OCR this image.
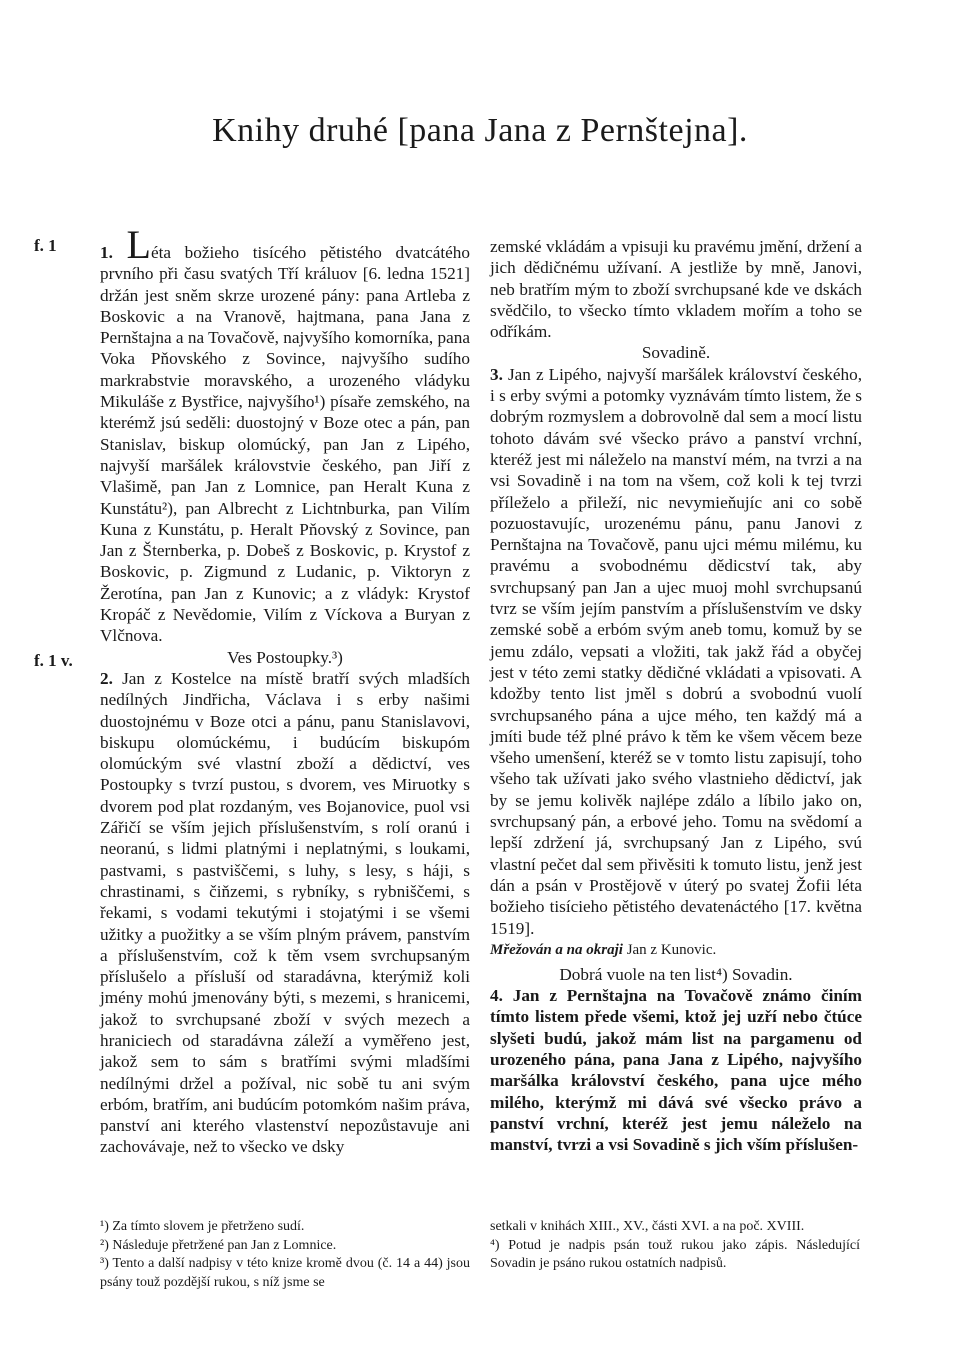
Knihy druhé [pana Jana z Pernštejna].
f. 1
f. 1 v.

1. Léta božieho tisícého pětistého dvatcátého prvního při času svatých Tří králuov [6. ledna 1521] držán jest sněm skrze urozené pány: pana Artleba z Boskovic a na Vranově, hajtmana, pana Jana z Pernštajna a na Tovačově, najvyšího komorníka, pana Voka Pňovského z Sovince, najvyšího sudího markrabstvie moravského, a urozeného vládyku Mikuláše z Bystřice, najvyšího¹) písaře zemského, na kterémž jsú seděli: duostojný v Boze otec a pán, pan Stanislav, biskup olomúcký, pan Jan z Lipého, najvyší maršálek královstvie českého, pan Jiří z Vlašimě, pan Jan z Lomnice, pan Heralt Kuna z Kunstátu²), pan Albrecht z Lichtnburka, pan Vilím Kuna z Kunstátu, p. Heralt Pňovský z Sovince, pan Jan z Šternberka, p. Dobeš z Boskovic, p. Krystof z Boskovic, p. Zigmund z Ludanic, p. Viktoryn z Žerotína, pan Jan z Kunovic; a z vládyk: Krystof Kropáč z Nevědomie, Vilím z Víckova a Buryan z Vlčnova.

Ves Postoupky.³)

2. Jan z Kostelce na místě bratří svých mladších nedílných Jindřicha, Václava i s erby našimi duostojnému v Boze otci a pánu, panu Stanislavovi, biskupu olomúckému, i budúcím biskupóm olomúckým své vlastní zboží a dědictví, ves Postoupky s tvrzí pustou, s dvorem, ves Miruotky s dvorem pod plat rozdaným, ves Bojanovice, puol vsi Zářičí se vším jejich příslušenstvím, s rolí oranú i neoranú, s lidmi platnými i neplatnými, s loukami, pastvami, s pastviščemi, s luhy, s lesy, s háji, s chrastinami, s čiňzemi, s rybníky, s rybniščemi, s řekami, s vodami tekutými i stojatými i se všemi užitky a puožitky a se vším plným právem, panstvím a příslušenstvím, což k těm vsem svrchupsaným příslušelo a přísluší od staradávna, kterýmiž koli jmény mohú jmenovány býti, s mezemi, s hranicemi, jakož to svrchupsané zboží v svých mezech a hraniciech od staradávna záleží a vyměřeno jest, jakož sem to sám s bratřími svými mladšími nedílnými držel a požíval, nic sobě tu ani svým erbóm, bratřím, ani budúcím potomkóm našim práva, panství ani kterého vlastenství nepozůstavuje ani zachovávaje, než to všecko ve dsky

zemské vkládám a vpisuji ku pravému jmění, držení a jich dědičnému užívaní. A jestliže by mně, Janovi, neb bratřím mým to zboží svrchupsané kde ve dskách svědčilo, to všecko tímto vkladem mořím a toho se odříkám.

Sovadině.

3. Jan z Lipého, najvyší maršálek království českého, i s erby svými a potomky vyznávám tímto listem, že s dobrým rozmyslem a dobrovolně dal sem a mocí listu tohoto dávám své všecko právo a panství vrchní, kteréž jest mi náleželo na manství mém, na tvrzi a na vsi Sovadině i na tom na všem, což koli k tej tvrzi příleželo a přileží, nic nevymieňujíc ani co sobě pozuostavujíc, urozenému pánu, panu Janovi z Pernštajna na Tovačově, panu ujci mému milému, ku pravému a svobodnému dědicství tak, aby svrchupsaný pan Jan a ujec muoj mohl svrchupsanú tvrz se vším jejím panstvím a příslušenstvím ve dsky zemské sobě a erbóm svým aneb tomu, komuž by se jemu zdálo, vepsati a vložiti, tak jakž řád a obyčej jest v této zemi statky dědičné vkládati a vpisovati. A kdožby tento list jměl s dobrú a svobodnú vuolí svrchupsaného pána a ujce mého, ten každý má a jmíti bude též plné právo k těm ke všem věcem beze všeho umenšení, kteréž se v tomto listu zapisují, toho všeho tak užívati jako svého vlastnieho dědictví, jak by se jemu kolivěk najlépe zdálo a líbilo jako on, svrchupsaný pán, a erbové jeho. Tomu na svědomí a lepší zdržení já, svrchupsaný Jan z Lipého, svú vlastní pečet dal sem přivěsiti k tomuto listu, jenž jest dán a psán v Prostějově v úterý po svatej Žofii léta božieho tisícieho pětistého devatenáctého [17. května 1519].

Mřežován a na okraji Jan z Kunovic.

Dobrá vuole na ten list⁴) Sovadin.

4. Jan z Pernštajna na Tovačově známo činím tímto listem přede všemi, ktož jej uzří nebo čtúce slyšeti budú, jakož mám list na pargamenu od urozeného pána, pana Jana z Lipého, najvyšího maršálka království českého, pana ujce mého milého, kterýmž mi dává své všecko právo a panství vrchní, kteréž jest jemu náleželo na manství, tvrzi a vsi Sovadině s jich vším příslušen-

¹) Za tímto slovem je přetrženo sudí.

²) Následuje přetržené pan Jan z Lomnice.

³) Tento a další nadpisy v této knize kromě dvou (č. 14 a 44) jsou psány touž pozdější rukou, s níž jsme se

setkali v knihách XIII., XV., části XVI. a na poč. XVIII.

⁴) Potud je nadpis psán touž rukou jako zápis. Následující Sovadin je psáno rukou ostatních nadpisů.
